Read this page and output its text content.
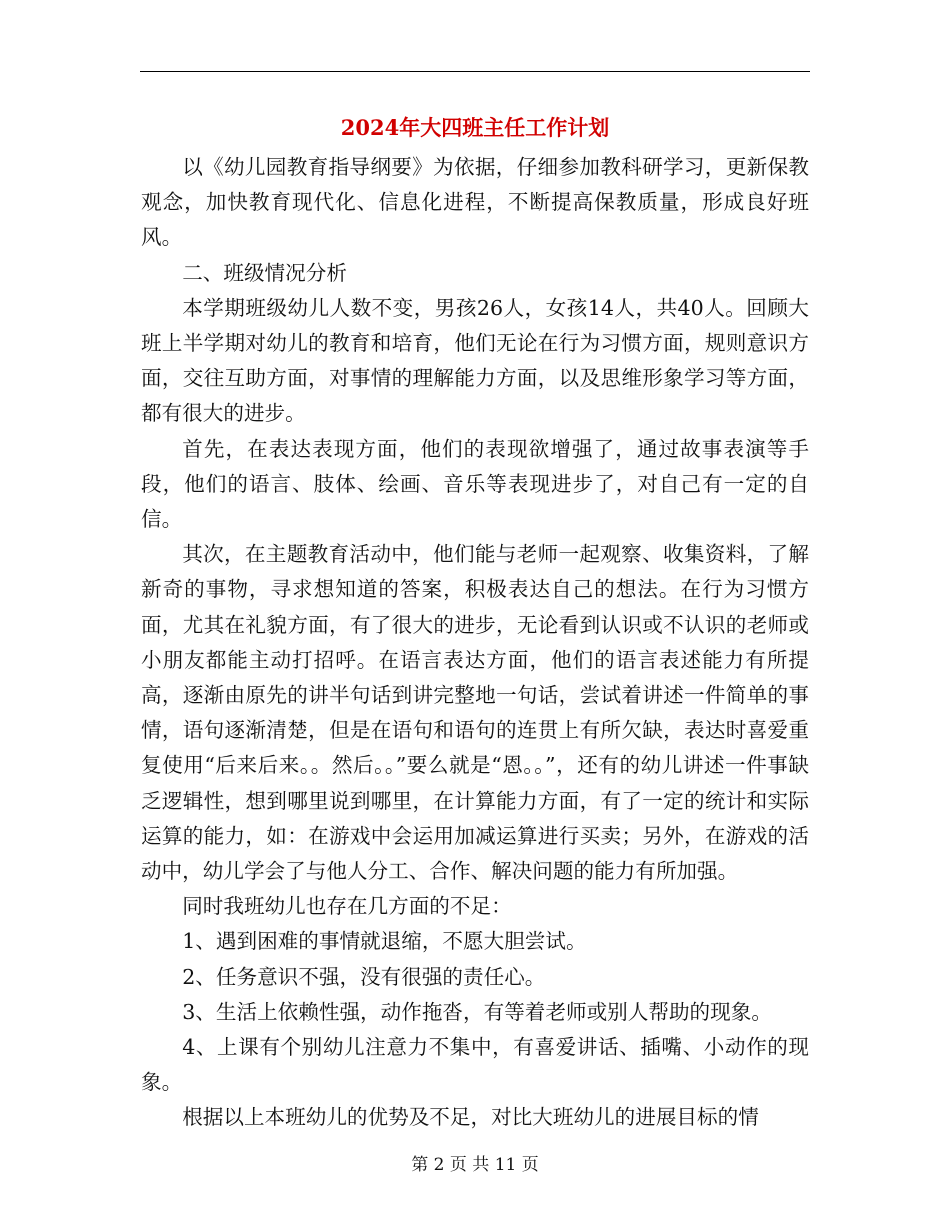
2024年大四班主任工作计划

以《幼儿园教育指导纲要》为依据，仔细参加教科研学习，更新保教观念，加快教育现代化、信息化进程，不断提高保教质量，形成良好班风。

二、班级情况分析

本学期班级幼儿人数不变，男孩26人，女孩14人，共40人。回顾大班上半学期对幼儿的教育和培育，他们无论在行为习惯方面，规则意识方面，交往互助方面，对事情的理解能力方面，以及思维形象学习等方面，都有很大的进步。

首先，在表达表现方面，他们的表现欲增强了，通过故事表演等手段，他们的语言、肢体、绘画、音乐等表现进步了，对自己有一定的自信。

其次，在主题教育活动中，他们能与老师一起观察、收集资料，了解新奇的事物，寻求想知道的答案，积极表达自己的想法。在行为习惯方面，尤其在礼貌方面，有了很大的进步，无论看到认识或不认识的老师或小朋友都能主动打招呼。在语言表达方面，他们的语言表述能力有所提高，逐渐由原先的讲半句话到讲完整地一句话，尝试着讲述一件简单的事情，语句逐渐清楚，但是在语句和语句的连贯上有所欠缺，表达时喜爱重复使用“后来后来。。然后。。”要么就是“恩。。”，还有的幼儿讲述一件事缺乏逻辑性，想到哪里说到哪里，在计算能力方面，有了一定的统计和实际运算的能力，如：在游戏中会运用加减运算进行买卖；另外，在游戏的活动中，幼儿学会了与他人分工、合作、解决问题的能力有所加强。

同时我班幼儿也存在几方面的不足：

1、遇到困难的事情就退缩，不愿大胆尝试。

2、任务意识不强，没有很强的责任心。

3、生活上依赖性强，动作拖沓，有等着老师或别人帮助的现象。

4、上课有个别幼儿注意力不集中，有喜爱讲话、插嘴、小动作的现象。

根据以上本班幼儿的优势及不足，对比大班幼儿的进展目标的情

第 2 页 共 11 页
